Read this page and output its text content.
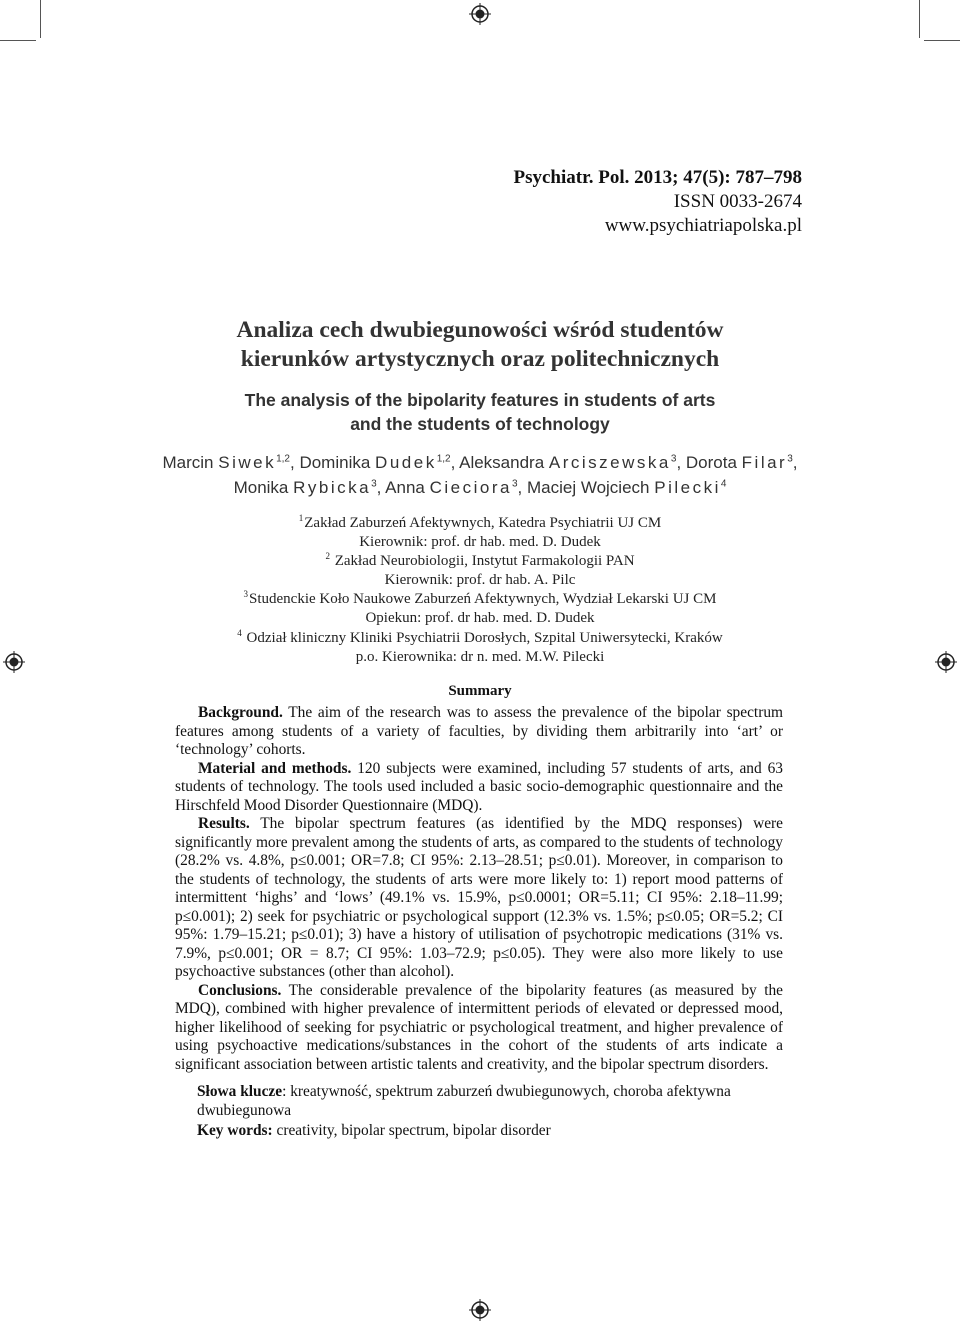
Psychiatr. Pol. 2013; 47(5): 787–798
ISSN 0033-2674
www.psychiatriapolska.pl
Analiza cech dwubiegunowości wśród studentów
kierunków artystycznych oraz politechnicznych
The analysis of the bipolarity features in students of arts
and the students of technology
Marcin Siwek$^{1,2}$, Dominika Dudek$^{1,2}$, Aleksandra Arciszewska$^3$, Dorota Filar$^3$, Monika Rybicka$^3$, Anna Cieciora$^3$, Maciej Wojciech Pilecki$^4$
$^1$Zakład Zaburzeń Afektywnych, Katedra Psychiatrii UJ CM
Kierownik: prof. dr hab. med. D. Dudek
$^2$ Zakład Neurobiologii, Instytut Farmakologii PAN
Kierownik: prof. dr hab. A. Pilc
$^3$Studenckie Koło Naukowe Zaburzeń Afektywnych, Wydział Lekarski UJ CM
Opiekun: prof. dr hab. med. D. Dudek
$^4$ Odział kliniczny Kliniki Psychiatrii Dorosłych, Szpital Uniwersytecki, Kraków
p.o. Kierownika: dr n. med. M.W. Pilecki
Summary

Background. The aim of the research was to assess the prevalence of the bipolar spectrum features among students of a variety of faculties, by dividing them arbitrarily into ‘art’ or ‘technology’ cohorts.

Material and methods. 120 subjects were examined, including 57 students of arts, and 63 students of technology. The tools used included a basic socio-demographic questionnaire and the Hirschfeld Mood Disorder Questionnaire (MDQ).

Results. The bipolar spectrum features (as identified by the MDQ responses) were significantly more prevalent among the students of arts, as compared to the students of technology (28.2% vs. 4.8%, p≤0.001; OR=7.8; CI 95%: 2.13–28.51; p≤0.01). Moreover, in comparison to the students of technology, the students of arts were more likely to: 1) report mood patterns of intermittent ‘highs’ and ‘lows’ (49.1% vs. 15.9%, p≤0.0001; OR=5.11; CI 95%: 2.18–11.99; p≤0.001); 2) seek for psychiatric or psychological support (12.3% vs. 1.5%; p≤0.05; OR=5.2; CI 95%: 1.79–15.21; p≤0.01); 3) have a history of utilisation of psychotropic medications (31% vs. 7.9%, p≤0.001; OR = 8.7; CI 95%: 1.03–72.9; p≤0.05). They were also more likely to use psychoactive substances (other than alcohol).

Conclusions. The considerable prevalence of the bipolarity features (as measured by the MDQ), combined with higher prevalence of intermittent periods of elevated or depressed mood, higher likelihood of seeking for psychiatric or psychological treatment, and higher prevalence of using psychoactive medications/substances in the cohort of the students of arts indicate a significant association between artistic talents and creativity, and the bipolar spectrum disorders.

Słowa klucze: kreatywność, spektrum zaburzeń dwubiegunowych, choroba afektywna dwubiegunowa

Key words: creativity, bipolar spectrum, bipolar disorder
